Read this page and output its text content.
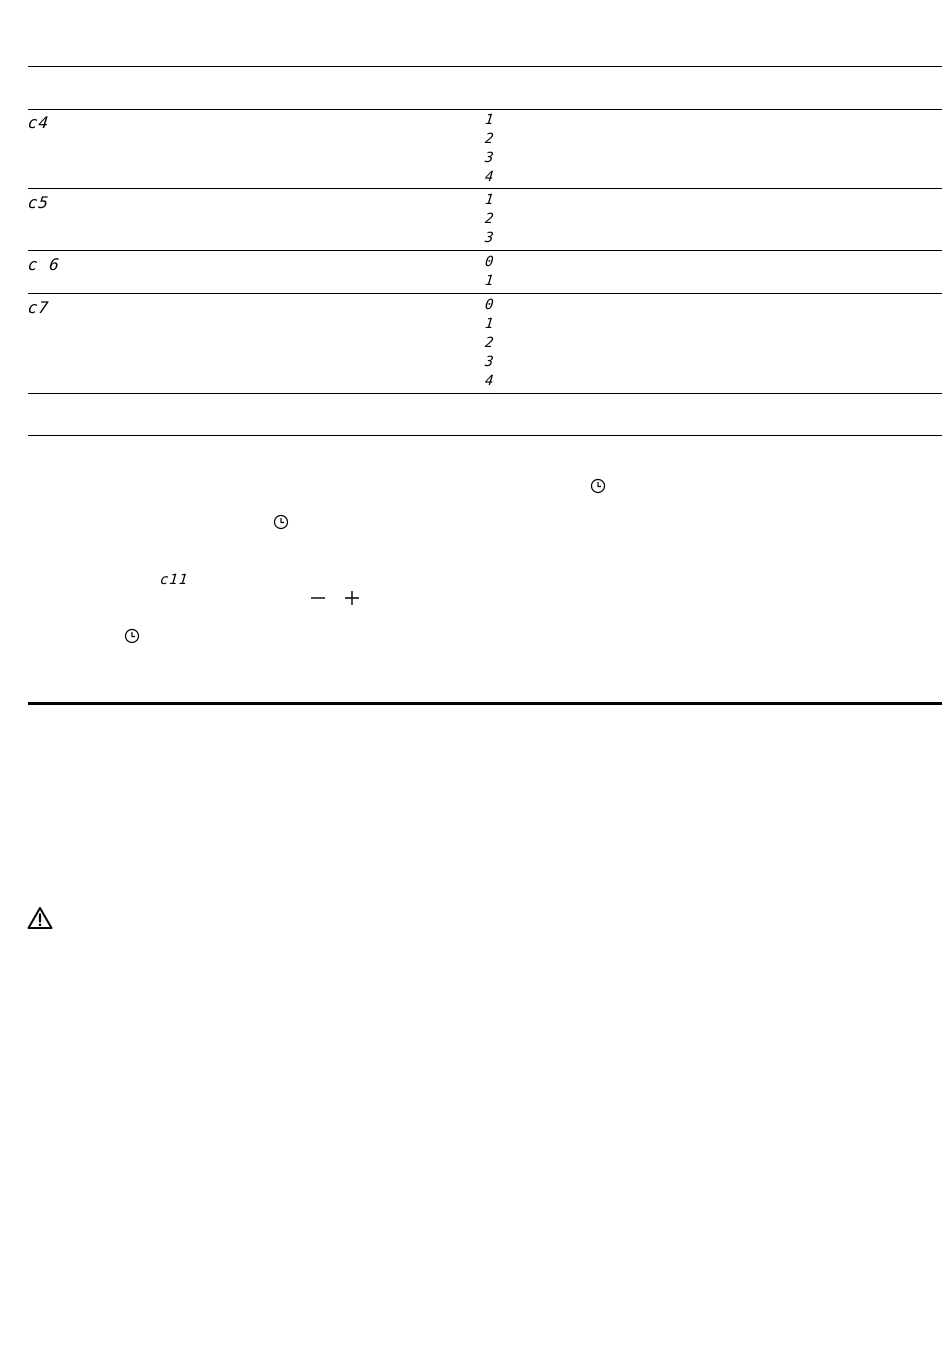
c4	1
2
3
4
c5	1
2
3
c 6	0
1
c7	0
1
2
3
4
c11
